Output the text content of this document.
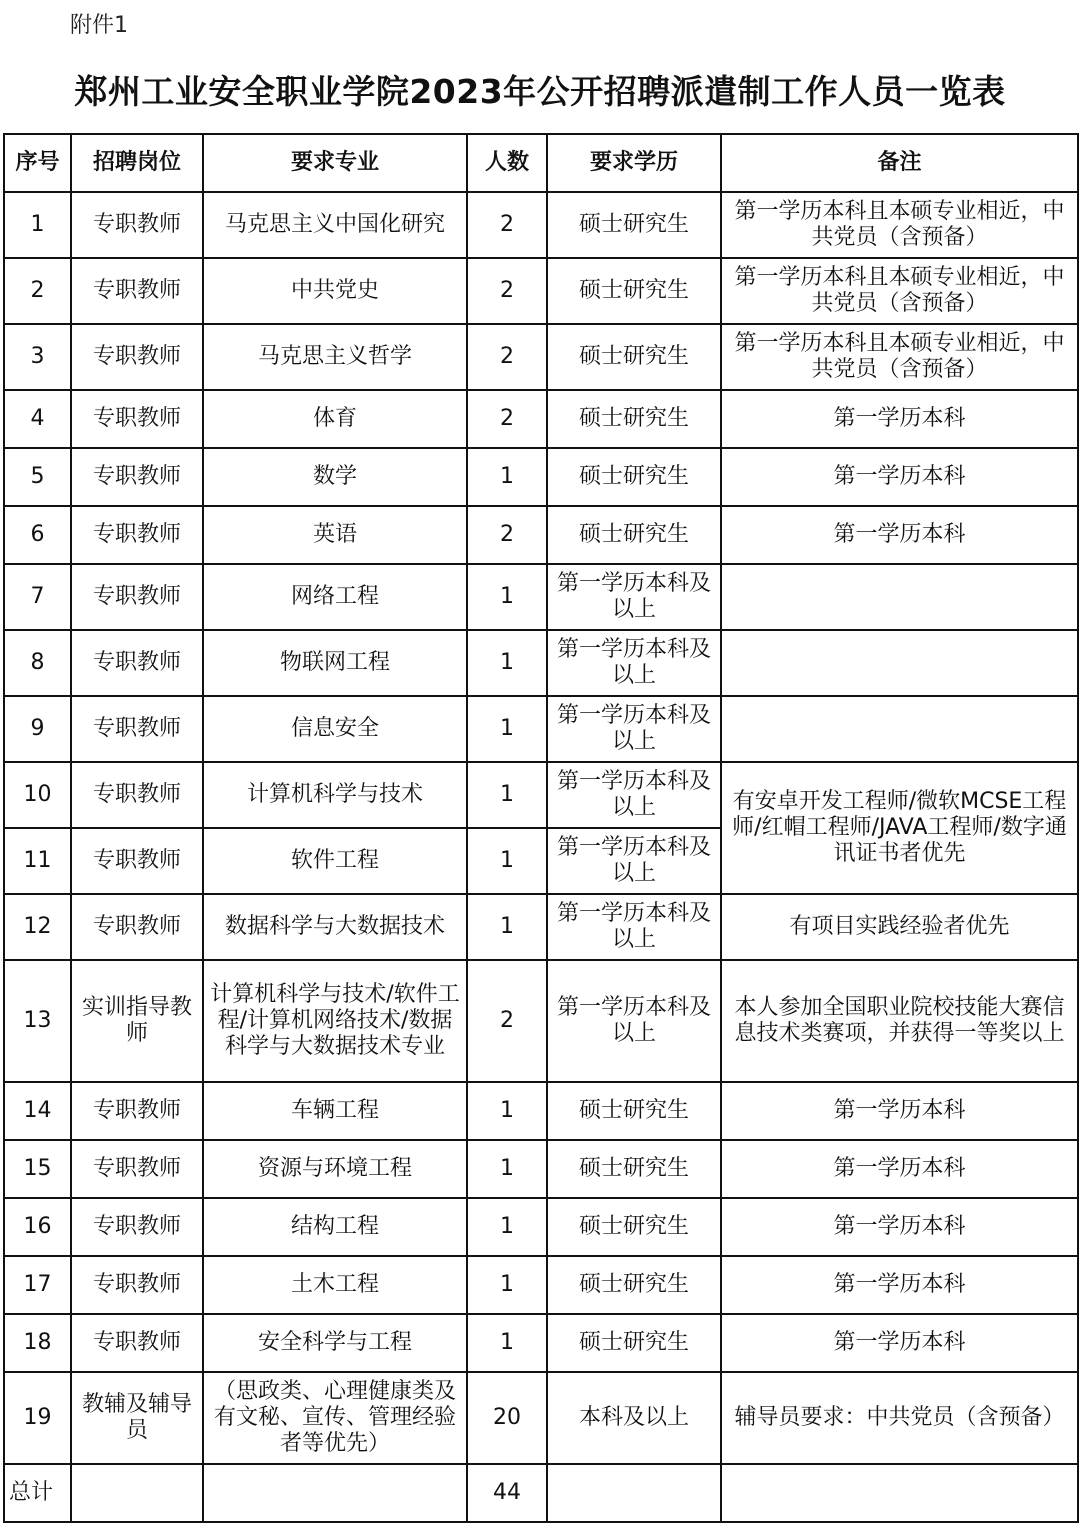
附件1
郑州工业安全职业学院2023年公开招聘派遣制工作人员一览表
序号	招聘岗位	要求专业	人数	要求学历	备注
1	专职教师	马克思主义中国化研究	2	硕士研究生	第一学历本科且本硕专业相近，中共党员（含预备）
2	专职教师	中共党史	2	硕士研究生	第一学历本科且本硕专业相近，中共党员（含预备）
3	专职教师	马克思主义哲学	2	硕士研究生	第一学历本科且本硕专业相近，中共党员（含预备）
4	专职教师	体育	2	硕士研究生	第一学历本科
5	专职教师	数学	1	硕士研究生	第一学历本科
6	专职教师	英语	2	硕士研究生	第一学历本科
7	专职教师	网络工程	1	第一学历本科及以上	
8	专职教师	物联网工程	1	第一学历本科及以上	
9	专职教师	信息安全	1	第一学历本科及以上	
10	专职教师	计算机科学与技术	1	第一学历本科及以上	有安卓开发工程师/微软MCSE工程师/红帽工程师/JAVA工程师/数字通讯证书者优先
11	专职教师	软件工程	1	第一学历本科及以上	
12	专职教师	数据科学与大数据技术	1	第一学历本科及以上	有项目实践经验者优先
13	实训指导教师	计算机科学与技术/软件工程/计算机网络技术/数据科学与大数据技术专业	2	第一学历本科及以上	本人参加全国职业院校技能大赛信息技术类赛项，并获得一等奖以上
14	专职教师	车辆工程	1	硕士研究生	第一学历本科
15	专职教师	资源与环境工程	1	硕士研究生	第一学历本科
16	专职教师	结构工程	1	硕士研究生	第一学历本科
17	专职教师	土木工程	1	硕士研究生	第一学历本科
18	专职教师	安全科学与工程	1	硕士研究生	第一学历本科
19	教辅及辅导员	（思政类、心理健康类及有文秘、宣传、管理经验者等优先）	20	本科及以上	辅导员要求：中共党员（含预备）
总计			44		
